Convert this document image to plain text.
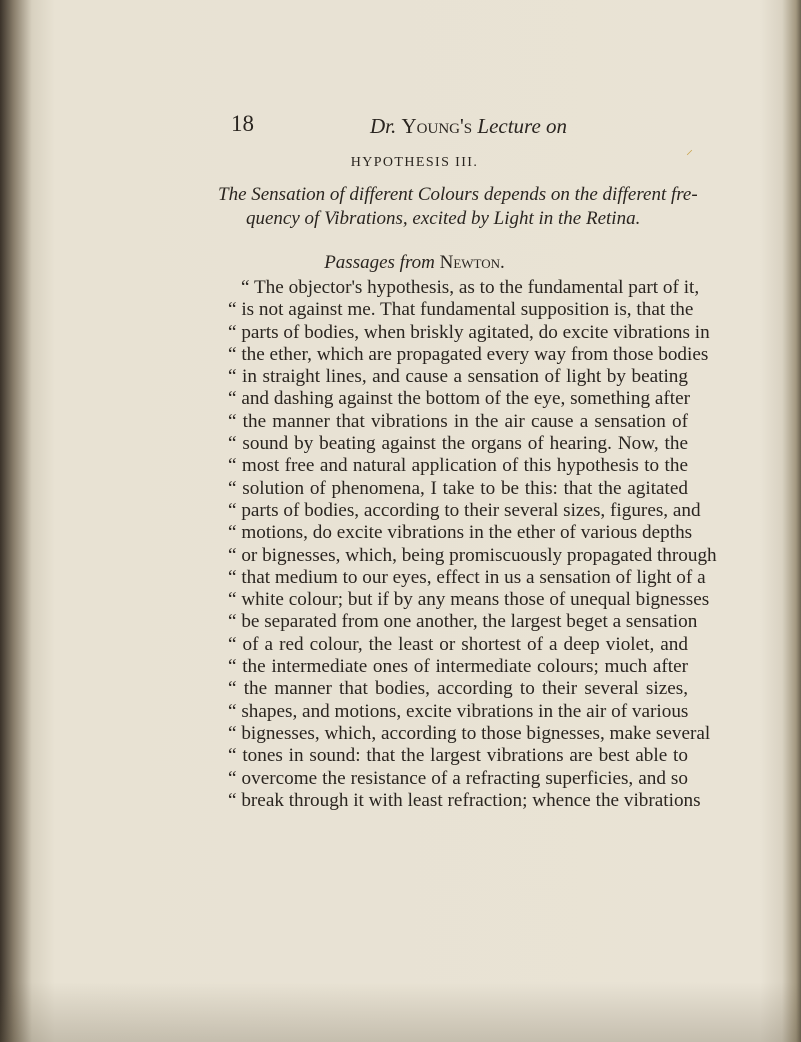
⸝
18	Dr. Young's Lecture on
HYPOTHESIS III.
The Sensation of different Colours depends on the different fre-
quency of Vibrations, excited by Light in the Retina.
Passages from Newton.
“ The objector's hypothesis, as to the fundamental part of it,
“ is not against me. That fundamental supposition is, that the
“ parts of bodies, when briskly agitated, do excite vibrations in
“ the ether, which are propagated every way from those bodies
“ in straight lines, and cause a sensation of light by beating
“ and dashing against the bottom of the eye, something after
“ the manner that vibrations in the air cause a sensation of
“ sound by beating against the organs of hearing. Now, the
“ most free and natural application of this hypothesis to the
“ solution of phenomena, I take to be this: that the agitated
“ parts of bodies, according to their several sizes, figures, and
“ motions, do excite vibrations in the ether of various depths
“ or bignesses, which, being promiscuously propagated through
“ that medium to our eyes, effect in us a sensation of light of a
“ white colour; but if by any means those of unequal bignesses
“ be separated from one another, the largest beget a sensation
“ of a red colour, the least or shortest of a deep violet, and
“ the intermediate ones of intermediate colours; much after
“ the manner that bodies, according to their several sizes,
“ shapes, and motions, excite vibrations in the air of various
“ bignesses, which, according to those bignesses, make several
“ tones in sound: that the largest vibrations are best able to
“ overcome the resistance of a refracting superficies, and so
“ break through it with least refraction; whence the vibrations
